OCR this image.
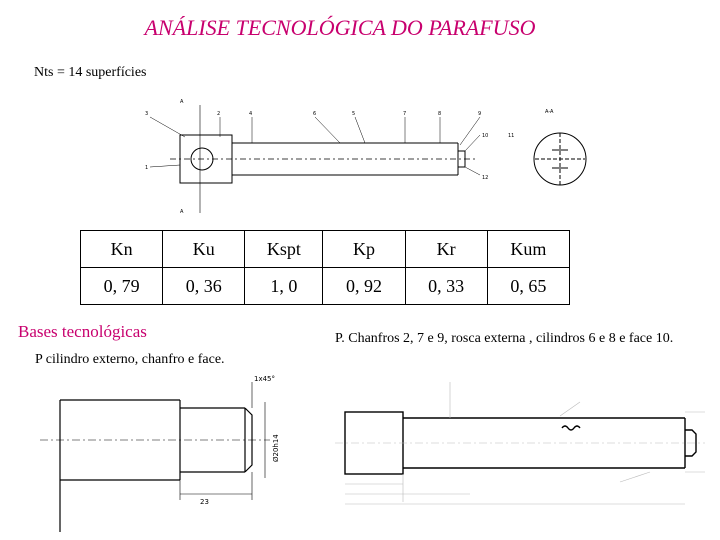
ANÁLISE TECNOLÓGICA DO PARAFUSO
Nts = 14 superfícies
3	2	4	6	5	7	8	9
10	11
12
1
A
A
A-A
Kn	Ku	Kspt	Kp	Kr	Kum
0, 79	0, 36	1, 0	0, 92	0, 33	0, 65
Bases tecnológicas
P cilindro externo, chanfro e face.
P. Chanfros 2, 7 e 9, rosca externa , cilindros 6 e 8 e face 10.
1x45°
Ø20h14
23
